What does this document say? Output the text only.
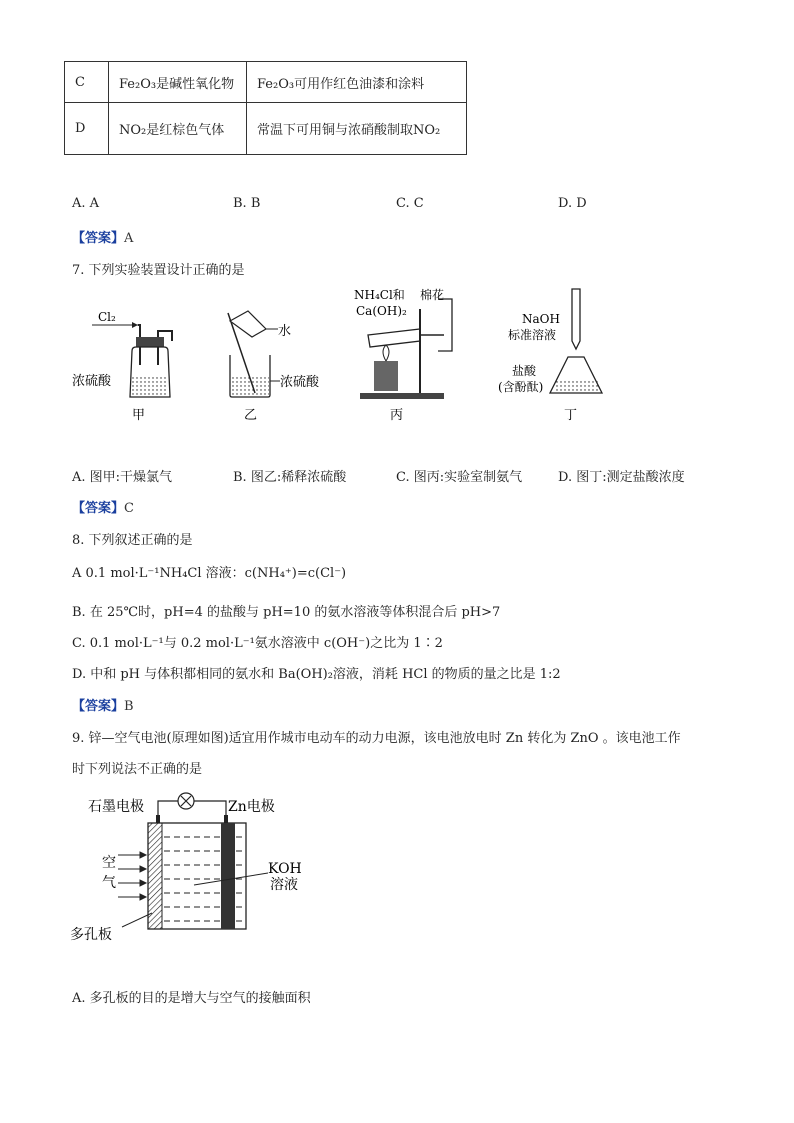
C	Fe₂O₃是碱性氧化物	Fe₂O₃可用作红色油漆和涂料
D	NO₂是红棕色气体	常温下可用铜与浓硝酸制取NO₂
A. A	B. B	C. C	D. D
【答案】A
7. 下列实验装置设计正确的是
Cl₂
浓硫酸
甲
水
浓硫酸
乙
NH₄Cl和
Ca(OH)₂
棉花
丙
NaOH
标准溶液
盐酸
(含酚酞)
丁
A. 图甲:干燥氯气	B. 图乙:稀释浓硫酸	C. 图丙:实验室制氨气	D. 图丁:测定盐酸浓度
【答案】C
8. 下列叙述正确的是
A 0.1 mol·L⁻¹NH₄Cl 溶液：c(NH₄⁺)=c(Cl⁻)
B. 在 25℃时，pH=4 的盐酸与 pH=10 的氨水溶液等体积混合后 pH>7
C. 0.1 mol·L⁻¹与 0.2 mol·L⁻¹氨水溶液中 c(OH⁻)之比为 1∶2
D. 中和 pH 与体积都相同的氨水和 Ba(OH)₂溶液，消耗 HCl 的物质的量之比是 1:2
【答案】B
9. 锌—空气电池(原理如图)适宜用作城市电动车的动力电源，该电池放电时 Zn 转化为 ZnO 。该电池工作
时下列说法不正确的是
石墨电极	Zn电极
空
气
KOH
溶液
多孔板
A. 多孔板的目的是增大与空气的接触面积
